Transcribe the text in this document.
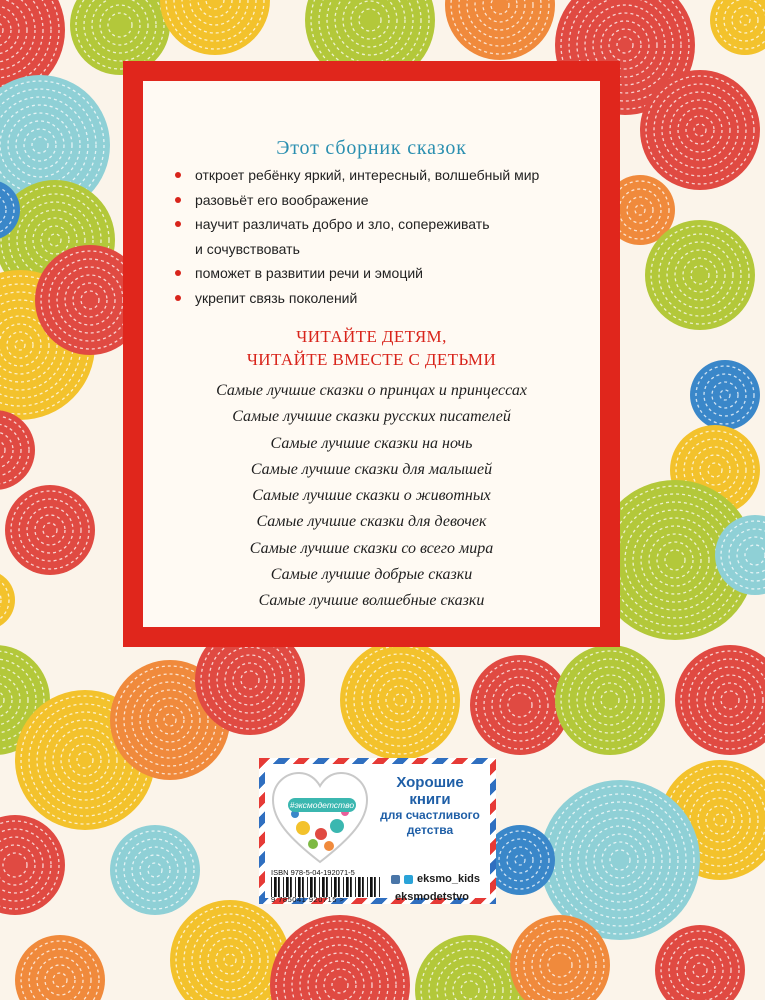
Этот сборник сказок
откроет ребёнку яркий, интересный, волшебный мир
разовьёт его воображение
научит различать добро и зло, сопереживать
и сочувствовать
поможет в развитии речи и эмоций
укрепит связь поколений
ЧИТАЙТЕ ДЕТЯМ,
ЧИТАЙТЕ ВМЕСТЕ С ДЕТЬМИ
Самые лучшие сказки о принцах и принцессах
Самые лучшие сказки русских писателей
Самые лучшие сказки на ночь
Самые лучшие сказки для малышей
Самые лучшие сказки о животных
Самые лучшие сказки для девочек
Самые лучшие сказки со всего мира
Самые лучшие добрые сказки
Самые лучшие волшебные сказки
#эксмодетство
Хорошие
книги
для счастливого
детства
ISBN 978-5-04-192071-5
9 785041 920715 >
eksmo_kids
eksmodetstvo
